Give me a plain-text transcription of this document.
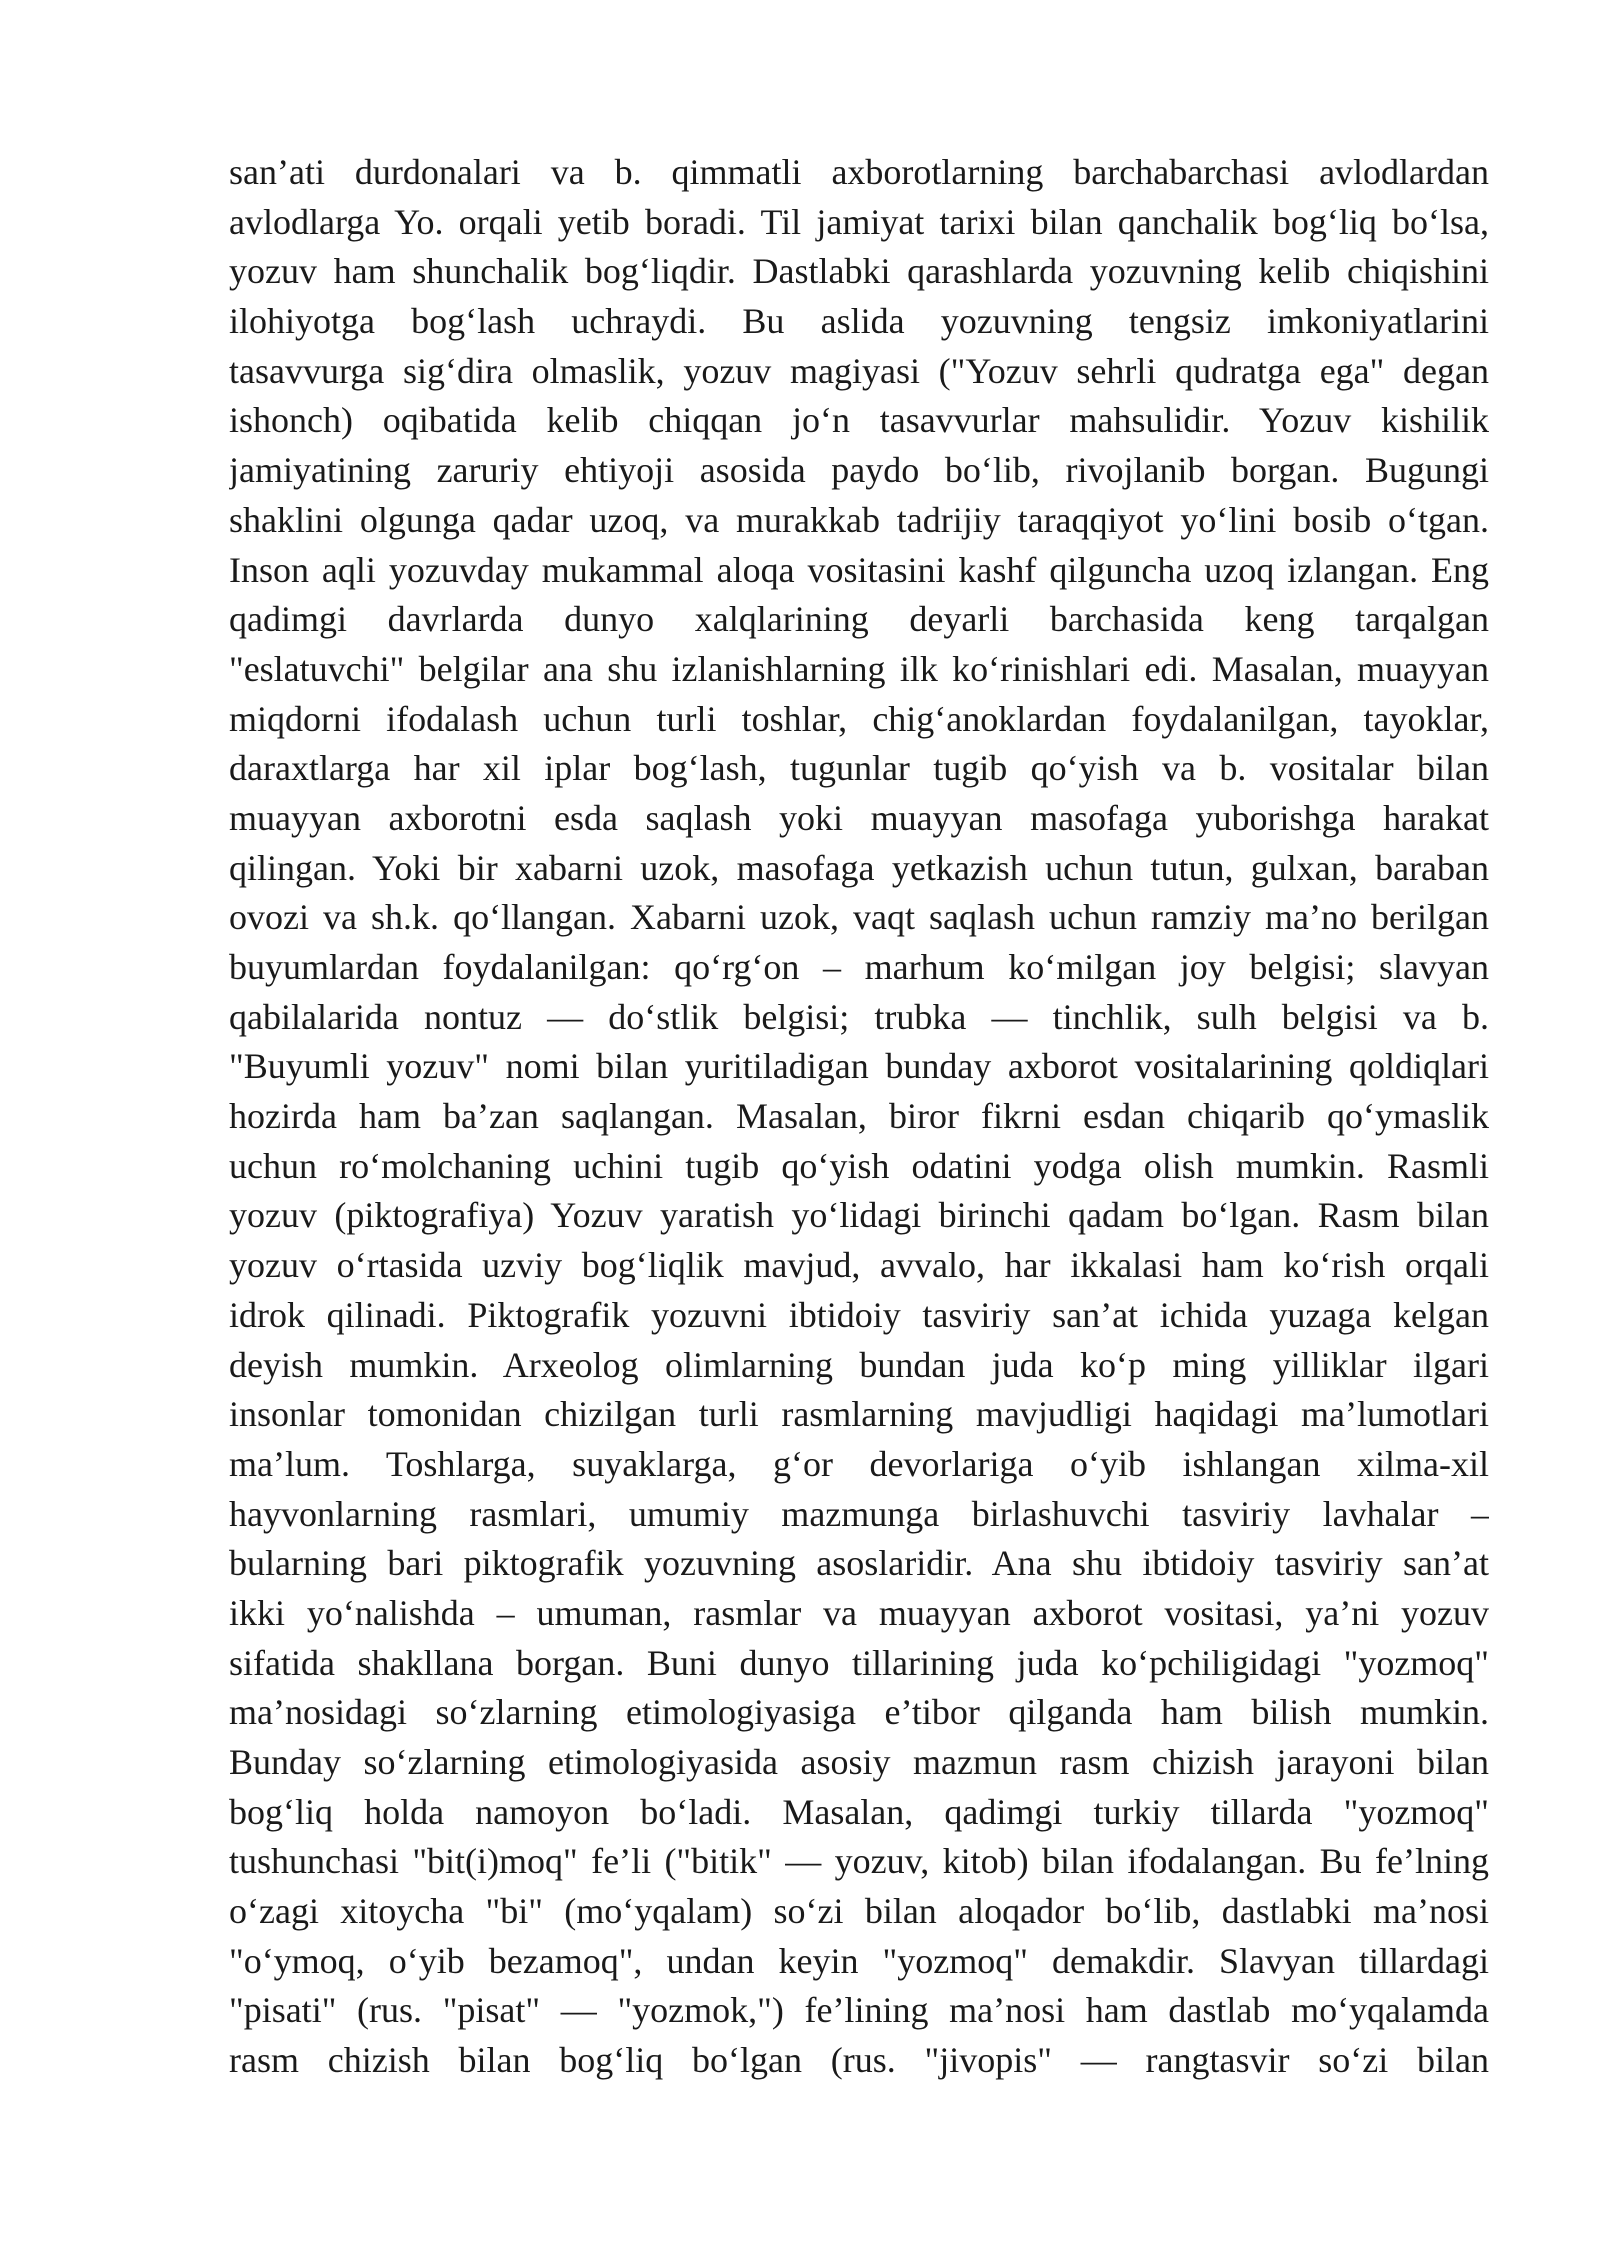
san’ati durdonalari va b. qimmatli axborotlarning barchabarchasi avlodlardan
avlodlarga Yo. orqali yetib boradi. Til jamiyat tarixi bilan qanchalik bog‘liq bo‘lsa,
yozuv ham shunchalik bog‘liqdir. Dastlabki qarashlarda yozuvning kelib chiqishini
ilohiyotga bog‘lash uchraydi. Bu aslida yozuvning tengsiz imkoniyatlarini
tasavvurga sig‘dira olmaslik, yozuv magiyasi ("Yozuv sehrli qudratga ega" degan
ishonch) oqibatida kelib chiqqan jo‘n tasavvurlar mahsulidir. Yozuv kishilik
jamiyatining zaruriy ehtiyoji asosida paydo bo‘lib, rivojlanib borgan. Bugungi
shaklini olgunga qadar uzoq, va murakkab tadrijiy taraqqiyot yo‘lini bosib o‘tgan.
Inson aqli yozuvday mukammal aloqa vositasini kashf qilguncha uzoq izlangan. Eng
qadimgi davrlarda dunyo xalqlarining deyarli barchasida keng tarqalgan
"eslatuvchi" belgilar ana shu izlanishlarning ilk ko‘rinishlari edi. Masalan, muayyan
miqdorni ifodalash uchun turli toshlar, chig‘anoklardan foydalanilgan, tayoklar,
daraxtlarga har xil iplar bog‘lash, tugunlar tugib qo‘yish va b. vositalar bilan
muayyan axborotni esda saqlash yoki muayyan masofaga yuborishga harakat
qilingan. Yoki bir xabarni uzok, masofaga yetkazish uchun tutun, gulxan, baraban
ovozi va sh.k. qo‘llangan. Xabarni uzok, vaqt saqlash uchun ramziy ma’no berilgan
buyumlardan foydalanilgan: qo‘rg‘on – marhum ko‘milgan joy belgisi; slavyan
qabilalarida nontuz — do‘stlik belgisi; trubka — tinchlik, sulh belgisi va b.
"Buyumli yozuv" nomi bilan yuritiladigan bunday axborot vositalarining qoldiqlari
hozirda ham ba’zan saqlangan. Masalan, biror fikrni esdan chiqarib qo‘ymaslik
uchun ro‘molchaning uchini tugib qo‘yish odatini yodga olish mumkin. Rasmli
yozuv (piktografiya) Yozuv yaratish yo‘lidagi birinchi qadam bo‘lgan. Rasm bilan
yozuv o‘rtasida uzviy bog‘liqlik mavjud, avvalo, har ikkalasi ham ko‘rish orqali
idrok qilinadi. Piktografik yozuvni ibtidoiy tasviriy san’at ichida yuzaga kelgan
deyish mumkin. Arxeolog olimlarning bundan juda ko‘p ming yilliklar ilgari
insonlar tomonidan chizilgan turli rasmlarning mavjudligi haqidagi ma’lumotlari
ma’lum. Toshlarga, suyaklarga, g‘or devorlariga o‘yib ishlangan xilma-xil
hayvonlarning rasmlari, umumiy mazmunga birlashuvchi tasviriy lavhalar –
bularning bari piktografik yozuvning asoslaridir. Ana shu ibtidoiy tasviriy san’at
ikki yo‘nalishda – umuman, rasmlar va muayyan axborot vositasi, ya’ni yozuv
sifatida shakllana borgan. Buni dunyo tillarining juda ko‘pchiligidagi "yozmoq"
ma’nosidagi so‘zlarning etimologiyasiga e’tibor qilganda ham bilish mumkin.
Bunday so‘zlarning etimologiyasida asosiy mazmun rasm chizish jarayoni bilan
bog‘liq holda namoyon bo‘ladi. Masalan, qadimgi turkiy tillarda "yozmoq"
tushunchasi "bit(i)moq" fe’li ("bitik" — yozuv, kitob) bilan ifodalangan. Bu fe’lning
o‘zagi xitoycha "bi" (mo‘yqalam) so‘zi bilan aloqador bo‘lib, dastlabki ma’nosi
"o‘ymoq, o‘yib bezamoq", undan keyin "yozmoq" demakdir. Slavyan tillardagi
"pisati" (rus. "pisat" — "yozmok,") fe’lining ma’nosi ham dastlab mo‘yqalamda
rasm chizish bilan bog‘liq bo‘lgan (rus. "jivopis" — rangtasvir so‘zi bilan
